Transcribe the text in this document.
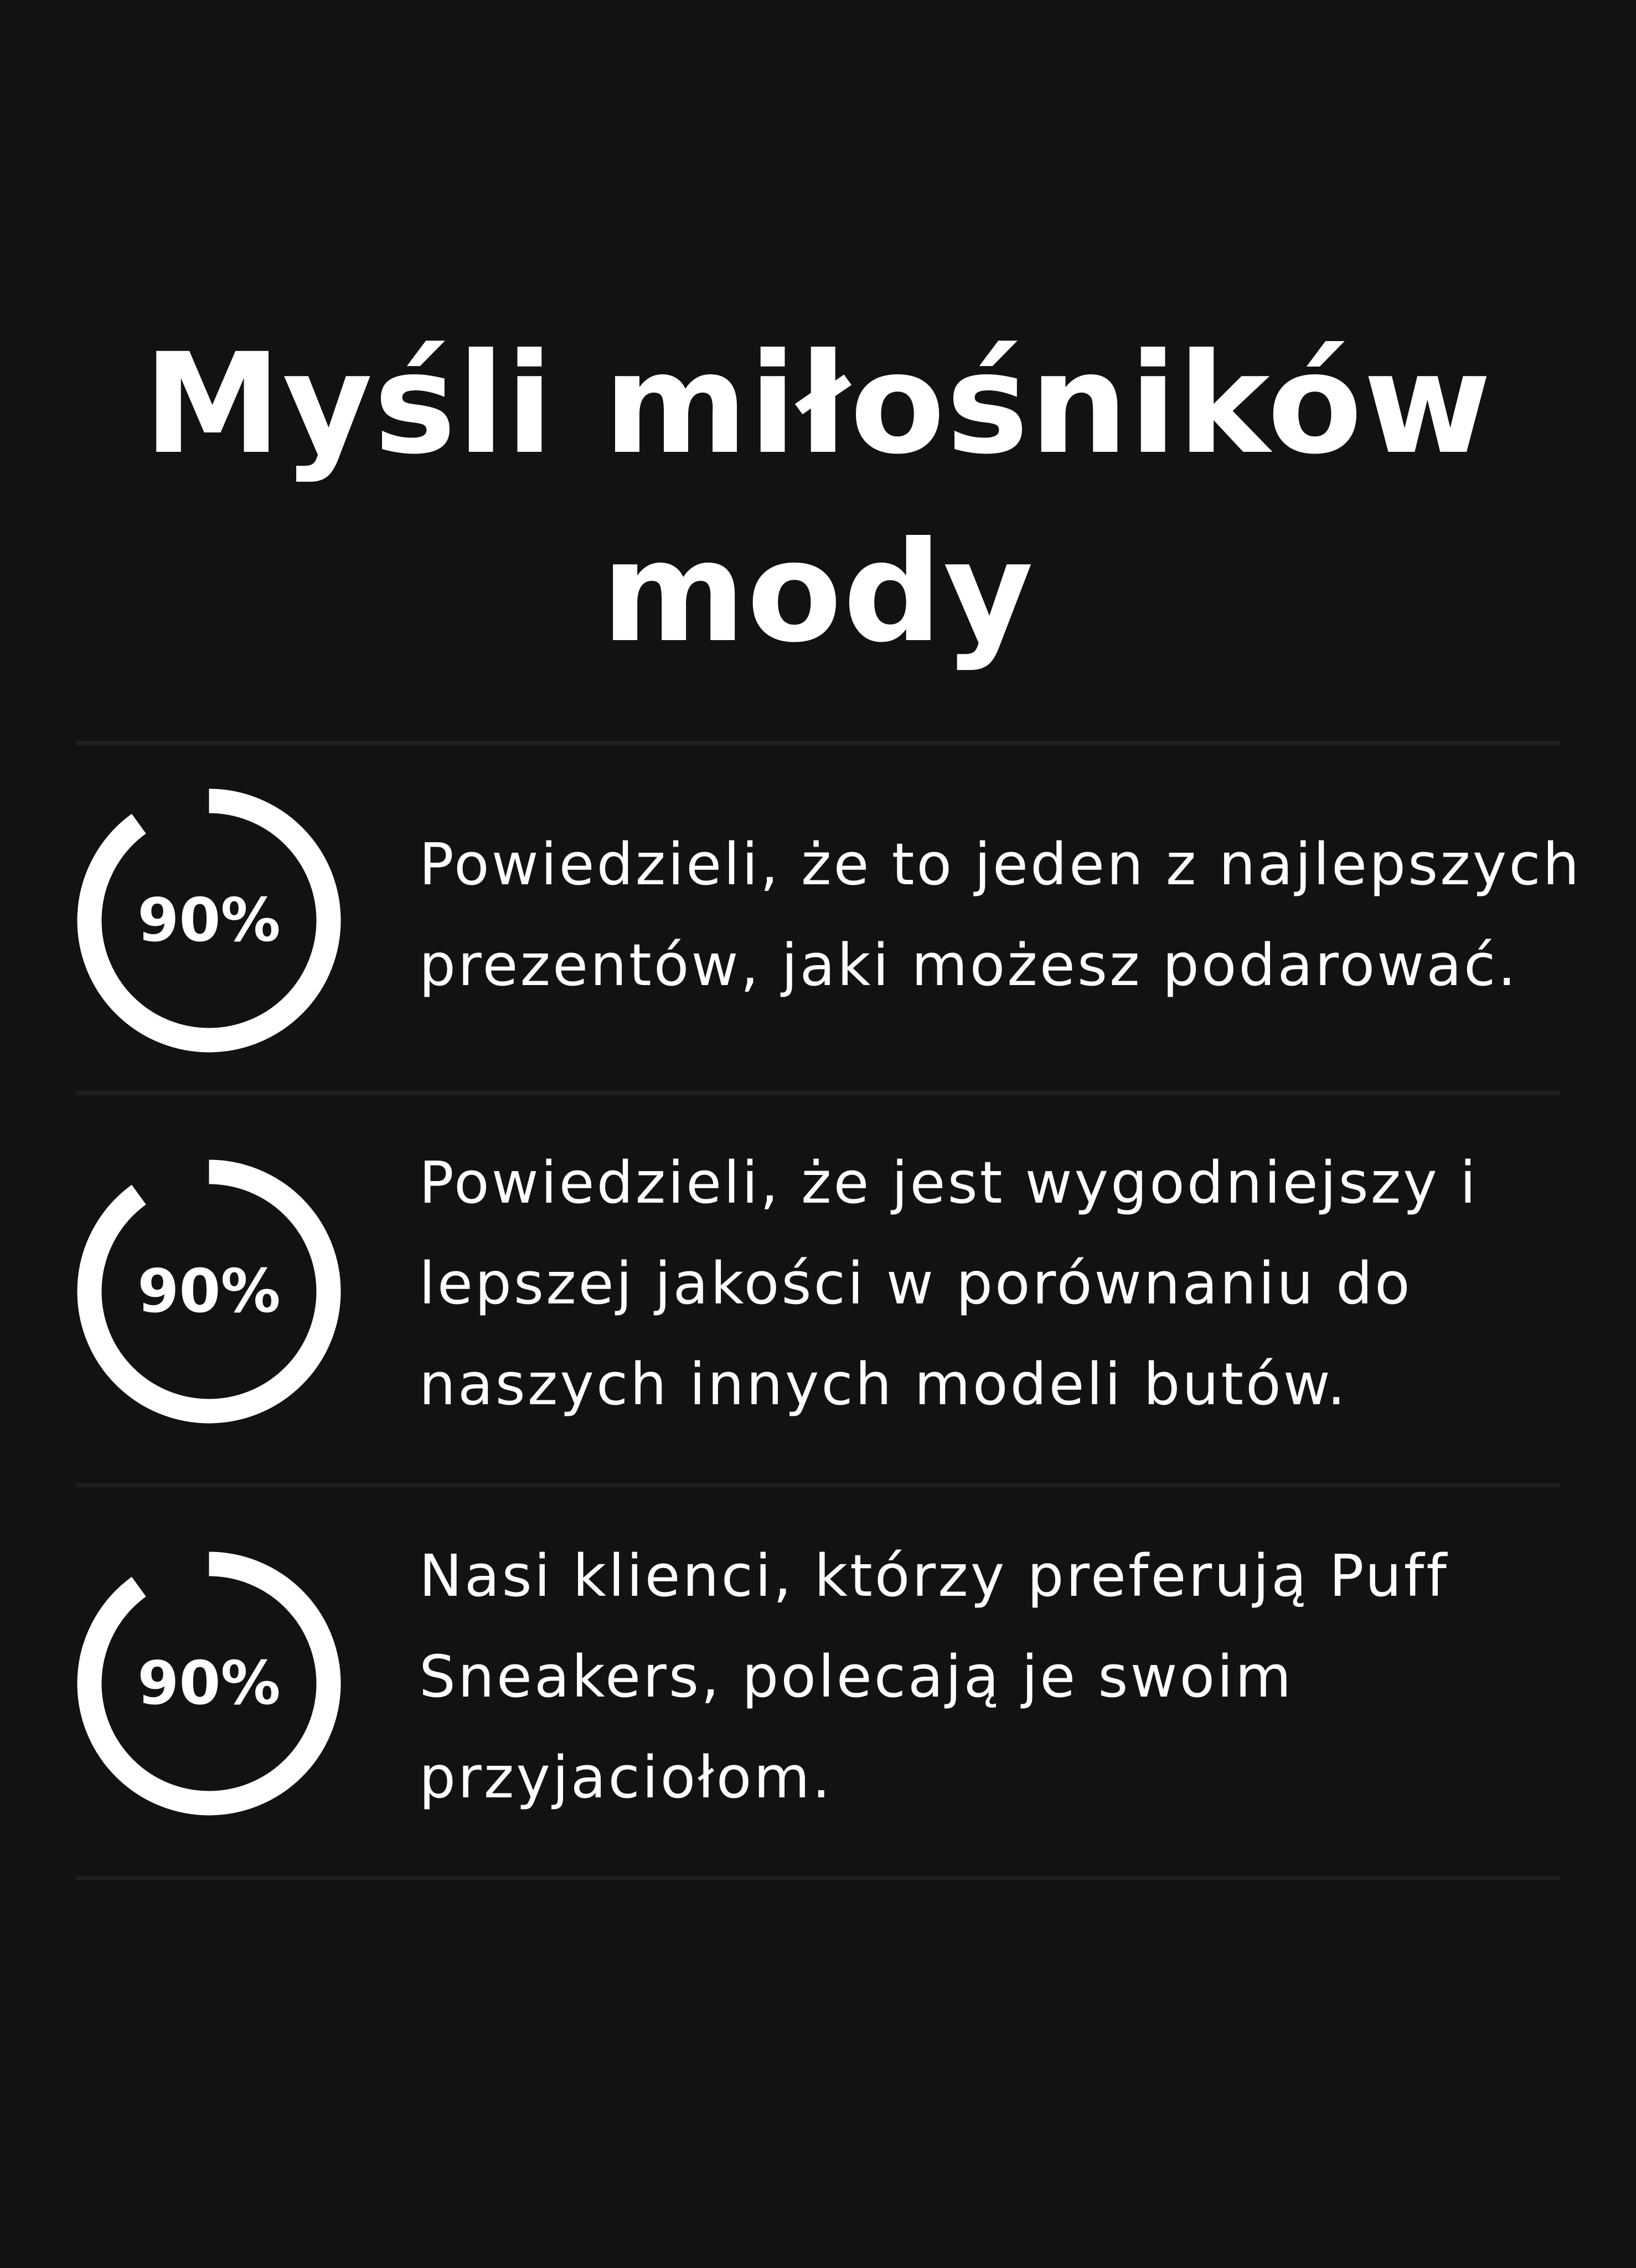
Myśli miłośników
mody
90%

Powiedzieli, że to jeden z najlepszych prezentów, jaki możesz podarować.

90%

Powiedzieli, że jest wygodniejszy i lepszej jakości w porównaniu do naszych innych modeli butów.

90%

Nasi klienci, którzy preferują Puff Sneakers, polecają je swoim przyjaciołom.
